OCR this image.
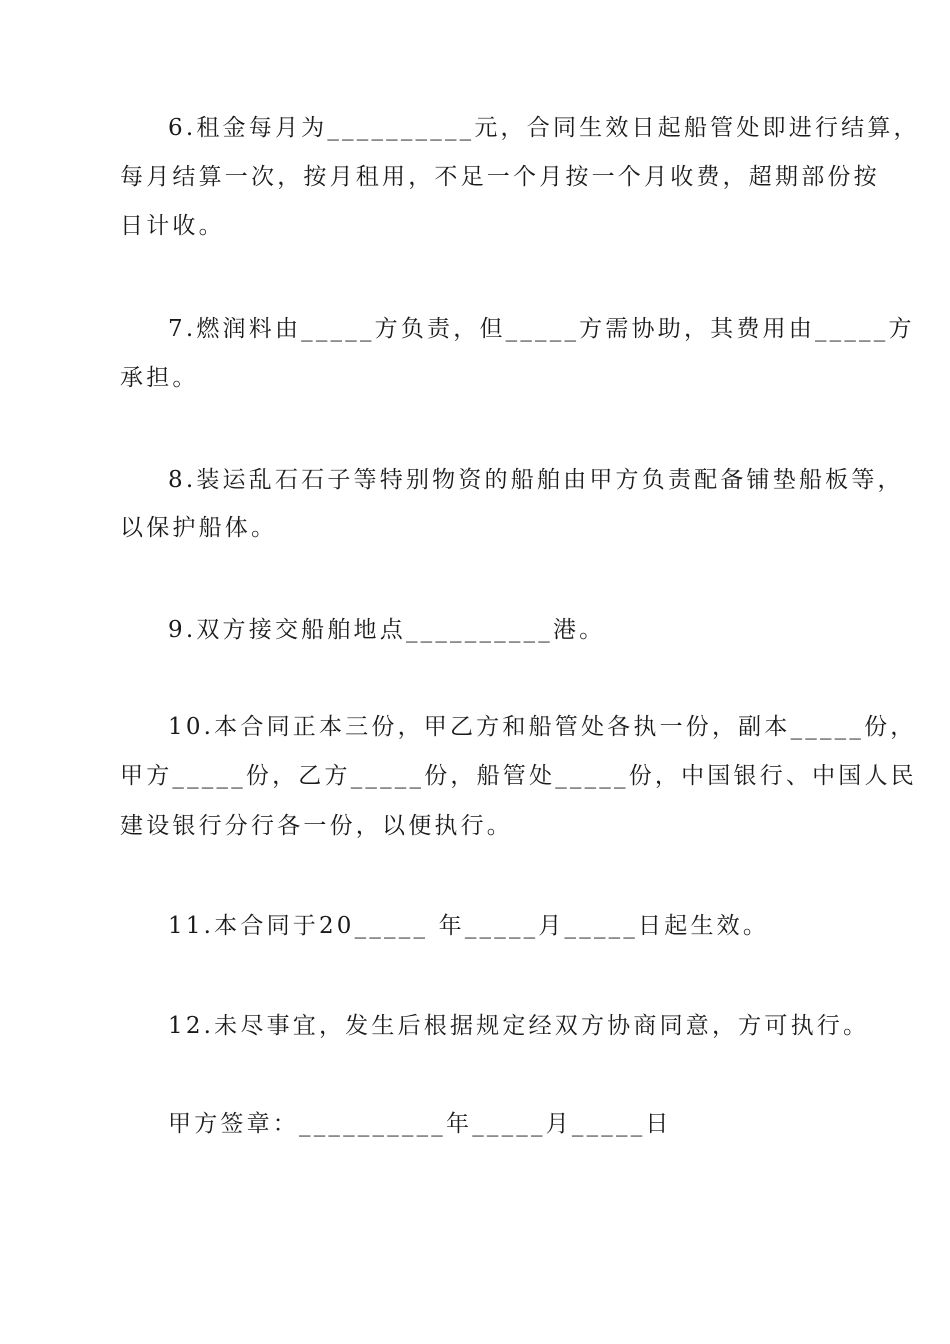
6.租金每月为__________元，合同生效日起船管处即进行结算，
每月结算一次，按月租用，不足一个月按一个月收费，超期部份按
日计收。
7.燃润料由_____方负责，但_____方需协助，其费用由_____方
承担。
8.装运乱石石子等特别物资的船舶由甲方负责配备铺垫船板等，
以保护船体。
9.双方接交船舶地点__________港。
10.本合同正本三份，甲乙方和船管处各执一份，副本_____份，
甲方_____份，乙方_____份，船管处_____份，中国银行、中国人民
建设银行分行各一份，以便执行。
11.本合同于20_____ 年_____月_____日起生效。
12.未尽事宜，发生后根据规定经双方协商同意，方可执行。
甲方签章：__________年_____月_____日
